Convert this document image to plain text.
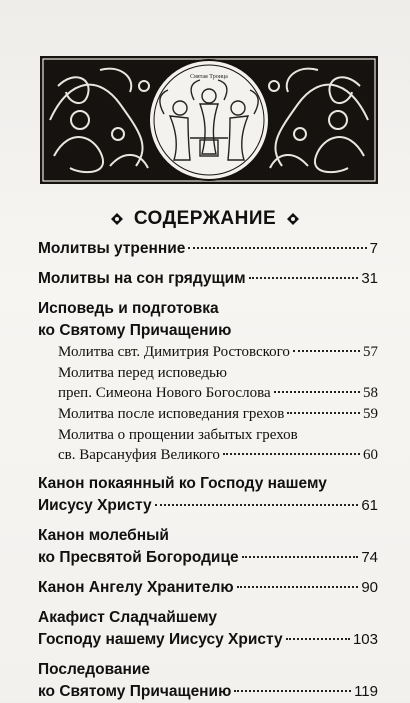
Святая Троица
СОДЕРЖАНИЕ
Молитвы утренние	7
Молитвы на сон грядущим	31
Исповедь и подготовка
ко Святому Причащению
Молитва свт. Димитрия Ростовского	57
Молитва перед исповедью
преп. Симеона Нового Богослова	58
Молитва после исповедания грехов	59
Молитва о прощении забытых грехов
св. Варсануфия Великого	60
Канон покаянный ко Господу нашему
Иисусу Христу	61
Канон молебный
ко Пресвятой Богородице	74
Канон Ангелу Хранителю	90
Акафист Сладчайшему
Господу нашему Иисусу Христу	103
Последование
ко Святому Причащению	119
